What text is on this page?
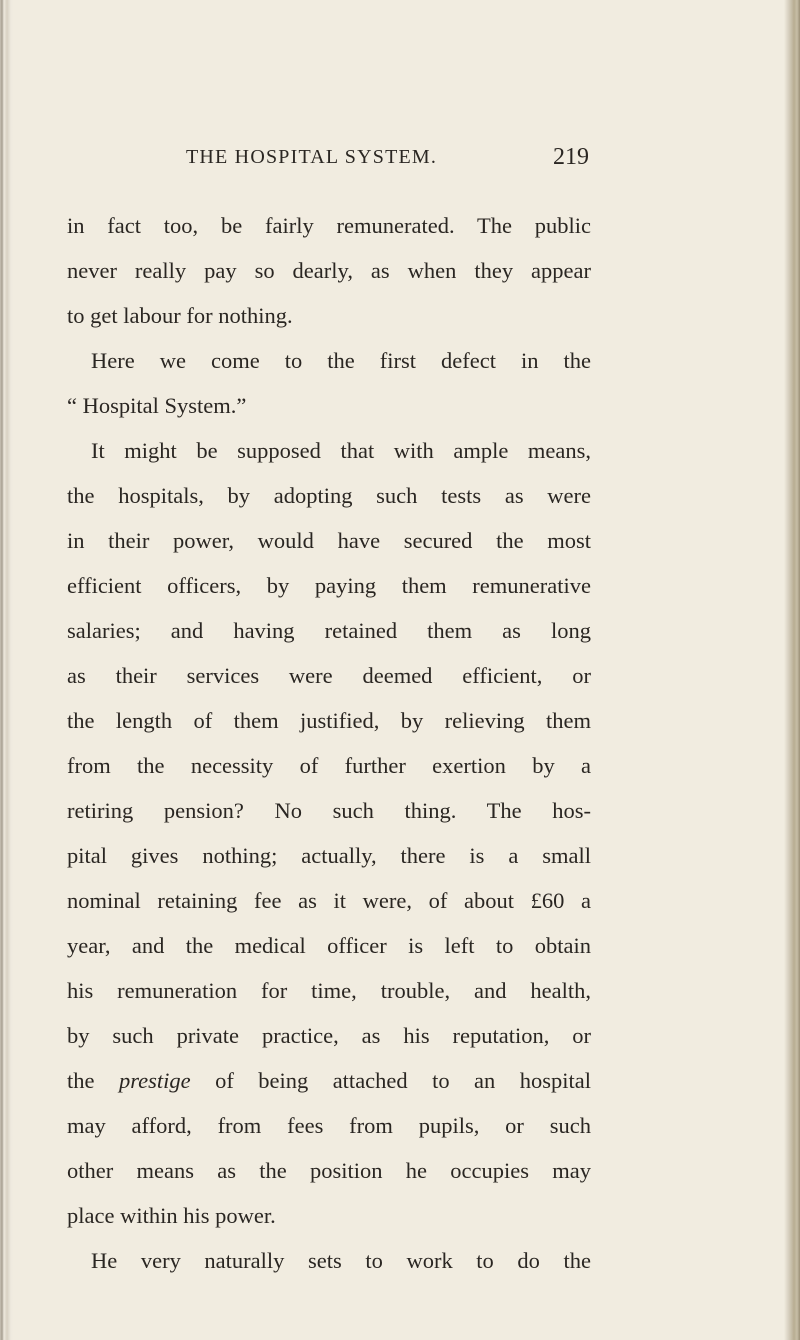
THE HOSPITAL SYSTEM.	219
in fact too, be fairly remunerated. The public
never really pay so dearly, as when they appear
to get labour for nothing.
Here we come to the first defect in the
“ Hospital System.”
It might be supposed that with ample means,
the hospitals, by adopting such tests as were
in their power, would have secured the most
efficient officers, by paying them remunerative
salaries; and having retained them as long
as their services were deemed efficient, or
the length of them justified, by relieving them
from the necessity of further exertion by a
retiring pension? No such thing. The hos-
pital gives nothing; actually, there is a small
nominal retaining fee as it were, of about £60 a
year, and the medical officer is left to obtain
his remuneration for time, trouble, and health,
by such private practice, as his reputation, or
the prestige of being attached to an hospital
may afford, from fees from pupils, or such
other means as the position he occupies may
place within his power.
He very naturally sets to work to do the
